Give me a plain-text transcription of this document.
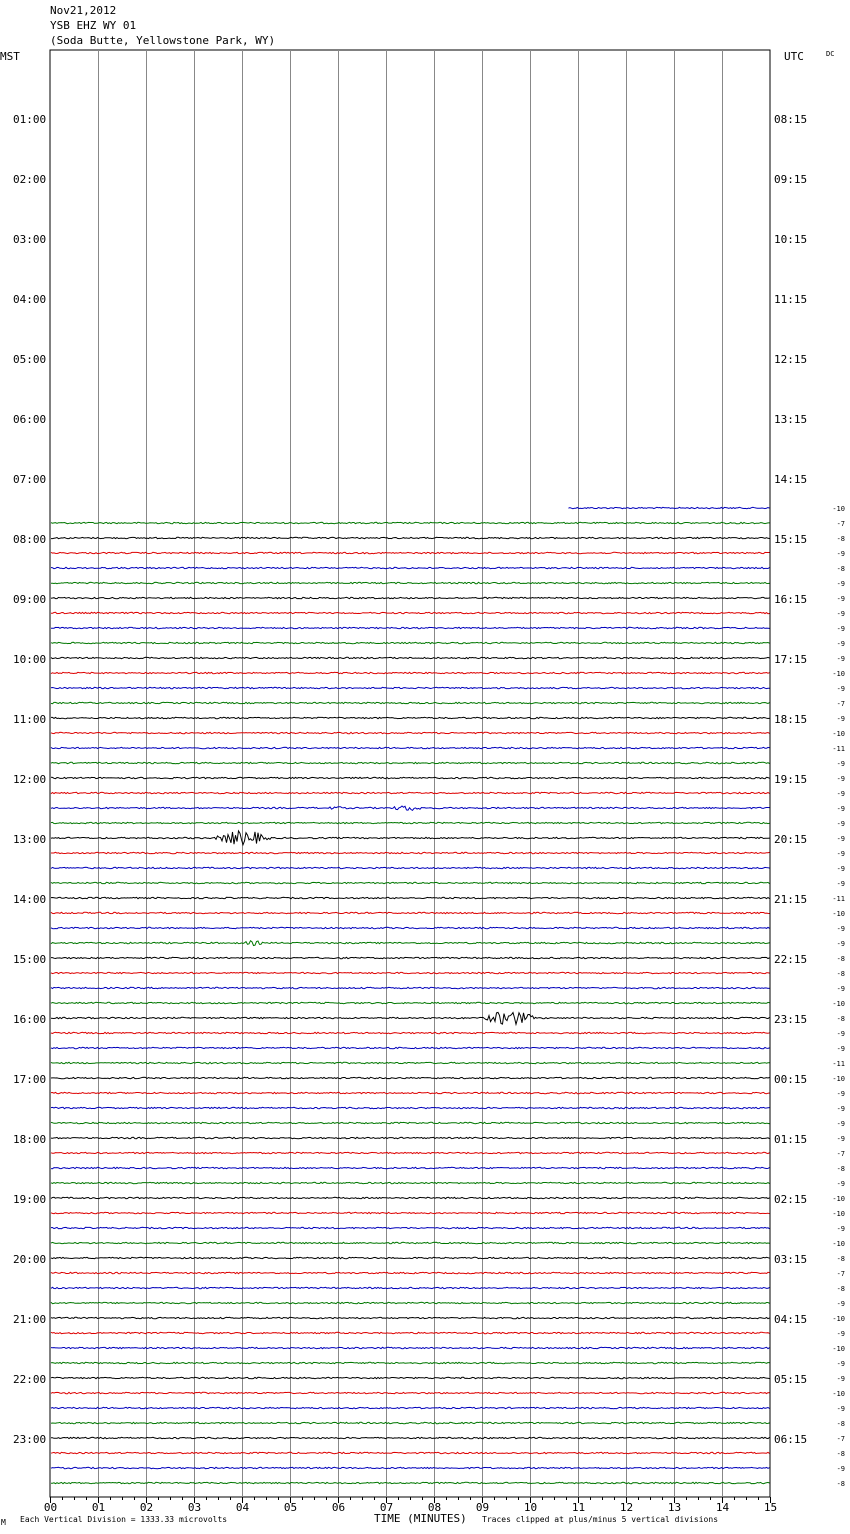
Nov21,2012
YSB EHZ WY 01
(Soda Butte, Yellowstone Park, WY)
MST	UTC	DC
01:00
02:00
03:00
04:00
05:00
06:00
07:00
08:00
09:00
10:00
11:00
12:00
13:00
14:00
15:00
16:00
17:00
18:00
19:00
20:00
21:00
22:00
23:00
08:15
09:15
10:15
11:15
12:15
13:15
14:15
15:15
16:15
17:15
18:15
19:15
20:15
21:15
22:15
23:15
00:15
01:15
02:15
03:15
04:15
05:15
06:15
-10
-7
-8
-9
-8
-9
-9
-9
-9
-9
-9
-10
-9
-7
-9
-10
-11
-9
-9
-9
-9
-9
-9
-9
-9
-9
-11
-10
-9
-9
-8
-8
-9
-10
-8
-9
-9
-11
-10
-9
-9
-9
-9
-7
-8
-9
-10
-10
-9
-10
-8
-7
-8
-9
-10
-9
-10
-9
-9
-10
-9
-8
-7
-8
-9
-8
00	01	02	03	04	05	06	07	08	09	10	11	12	13	14	15
M Each Vertical Division = 1333.33 microvolts	TIME (MINUTES) Traces clipped at plus/minus 5 vertical divisions
